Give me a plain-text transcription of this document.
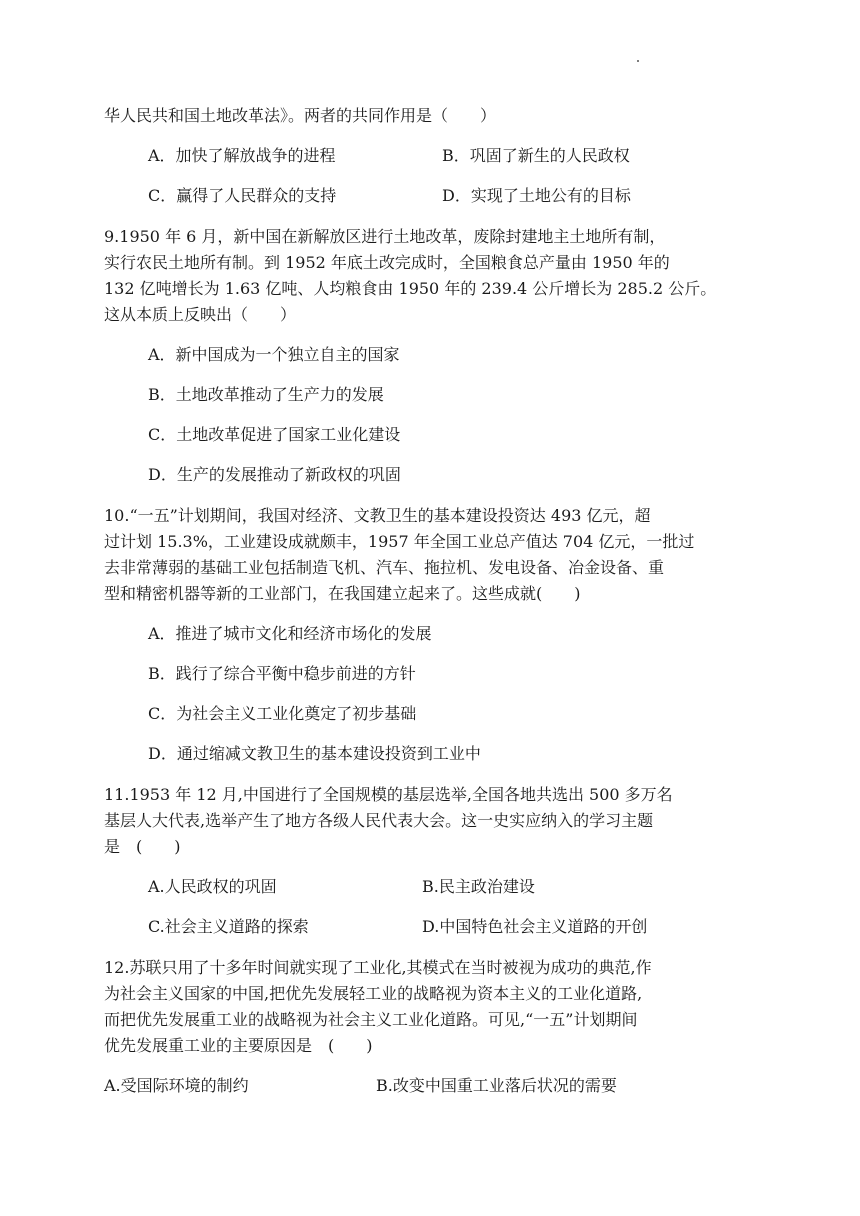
华人民共和国土地改革法》。两者的共同作用是（　　）
A．加快了解放战争的进程	B．巩固了新生的人民政权
C．赢得了人民群众的支持	D．实现了土地公有的目标
9.1950 年 6 月，新中国在新解放区进行土地改革，废除封建地主土地所有制，
实行农民土地所有制。到 1952 年底土改完成时，全国粮食总产量由 1950 年的
132 亿吨增长为 1.63 亿吨、人均粮食由 1950 年的 239.4 公斤增长为 285.2 公斤。
这从本质上反映出（　　）
A．新中国成为一个独立自主的国家
B．土地改革推动了生产力的发展
C．土地改革促进了国家工业化建设
D．生产的发展推动了新政权的巩固
10.“一五”计划期间，我国对经济、文教卫生的基本建设投资达 493 亿元，超
过计划 15.3%，工业建设成就颇丰，1957 年全国工业总产值达 704 亿元，一批过
去非常薄弱的基础工业包括制造飞机、汽车、拖拉机、发电设备、冶金设备、重
型和精密机器等新的工业部门，在我国建立起来了。这些成就(　　)
A．推进了城市文化和经济市场化的发展
B．践行了综合平衡中稳步前进的方针
C．为社会主义工业化奠定了初步基础
D．通过缩减文教卫生的基本建设投资到工业中
11.1953 年 12 月,中国进行了全国规模的基层选举,全国各地共选出 500 多万名
基层人大代表,选举产生了地方各级人民代表大会。这一史实应纳入的学习主题
是　(　　)
A.人民政权的巩固	B.民主政治建设
C.社会主义道路的探索	D.中国特色社会主义道路的开创
12.苏联只用了十多年时间就实现了工业化,其模式在当时被视为成功的典范,作
为社会主义国家的中国,把优先发展轻工业的战略视为资本主义的工业化道路,
而把优先发展重工业的战略视为社会主义工业化道路。可见,“一五”计划期间
优先发展重工业的主要原因是　(　　)
A.受国际环境的制约	B.改变中国重工业落后状况的需要
